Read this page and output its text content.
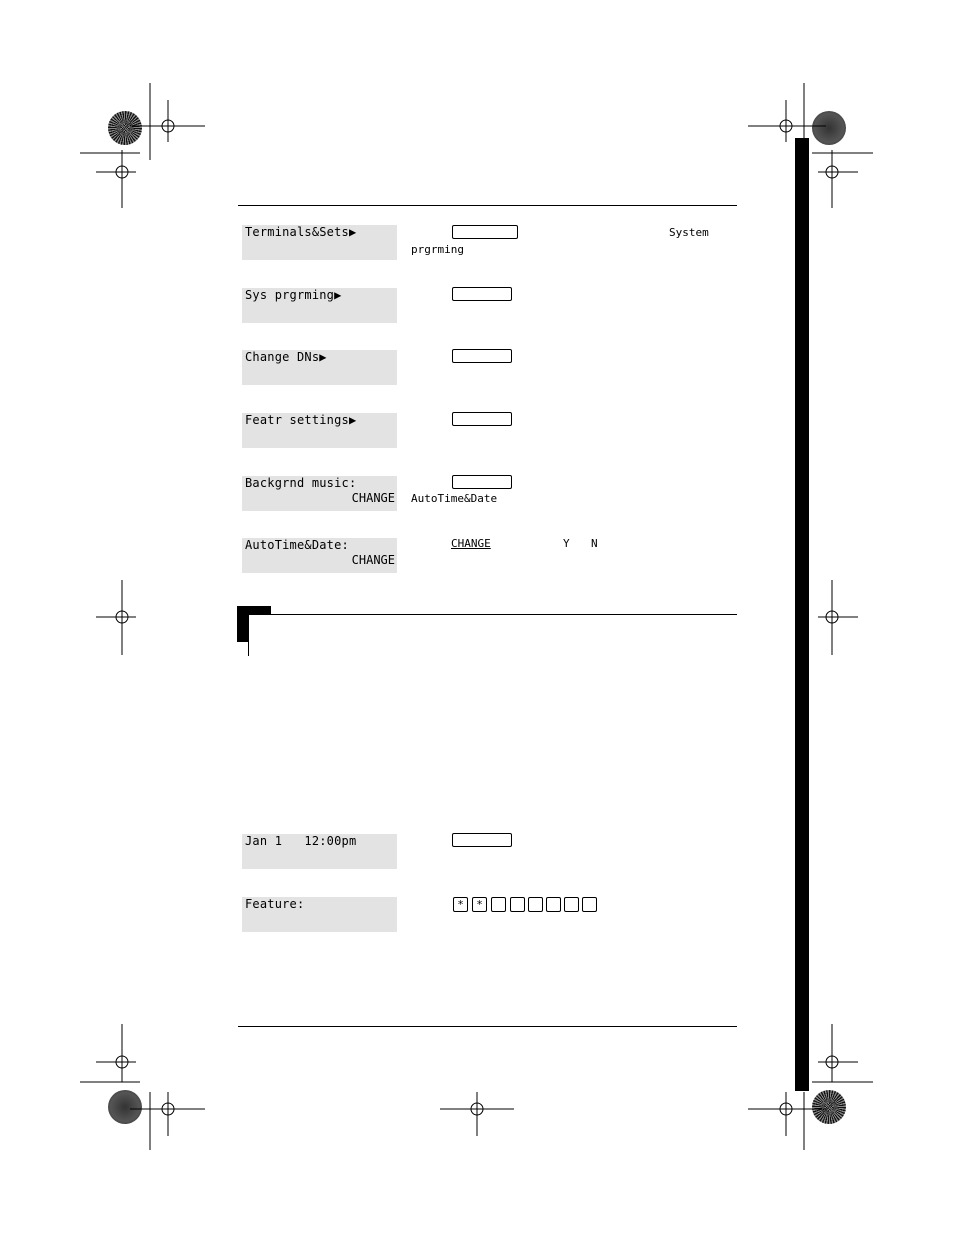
Terminals&Sets▶	System
prgrming
Sys prgrming▶
Change DNs▶
Featr settings▶
Backgrnd music:
CHANGE AutoTime&Date
AutoTime&Date:
CHANGE
CHANGE	Y N
Jan 1   12:00pm
Feature:	*	*
